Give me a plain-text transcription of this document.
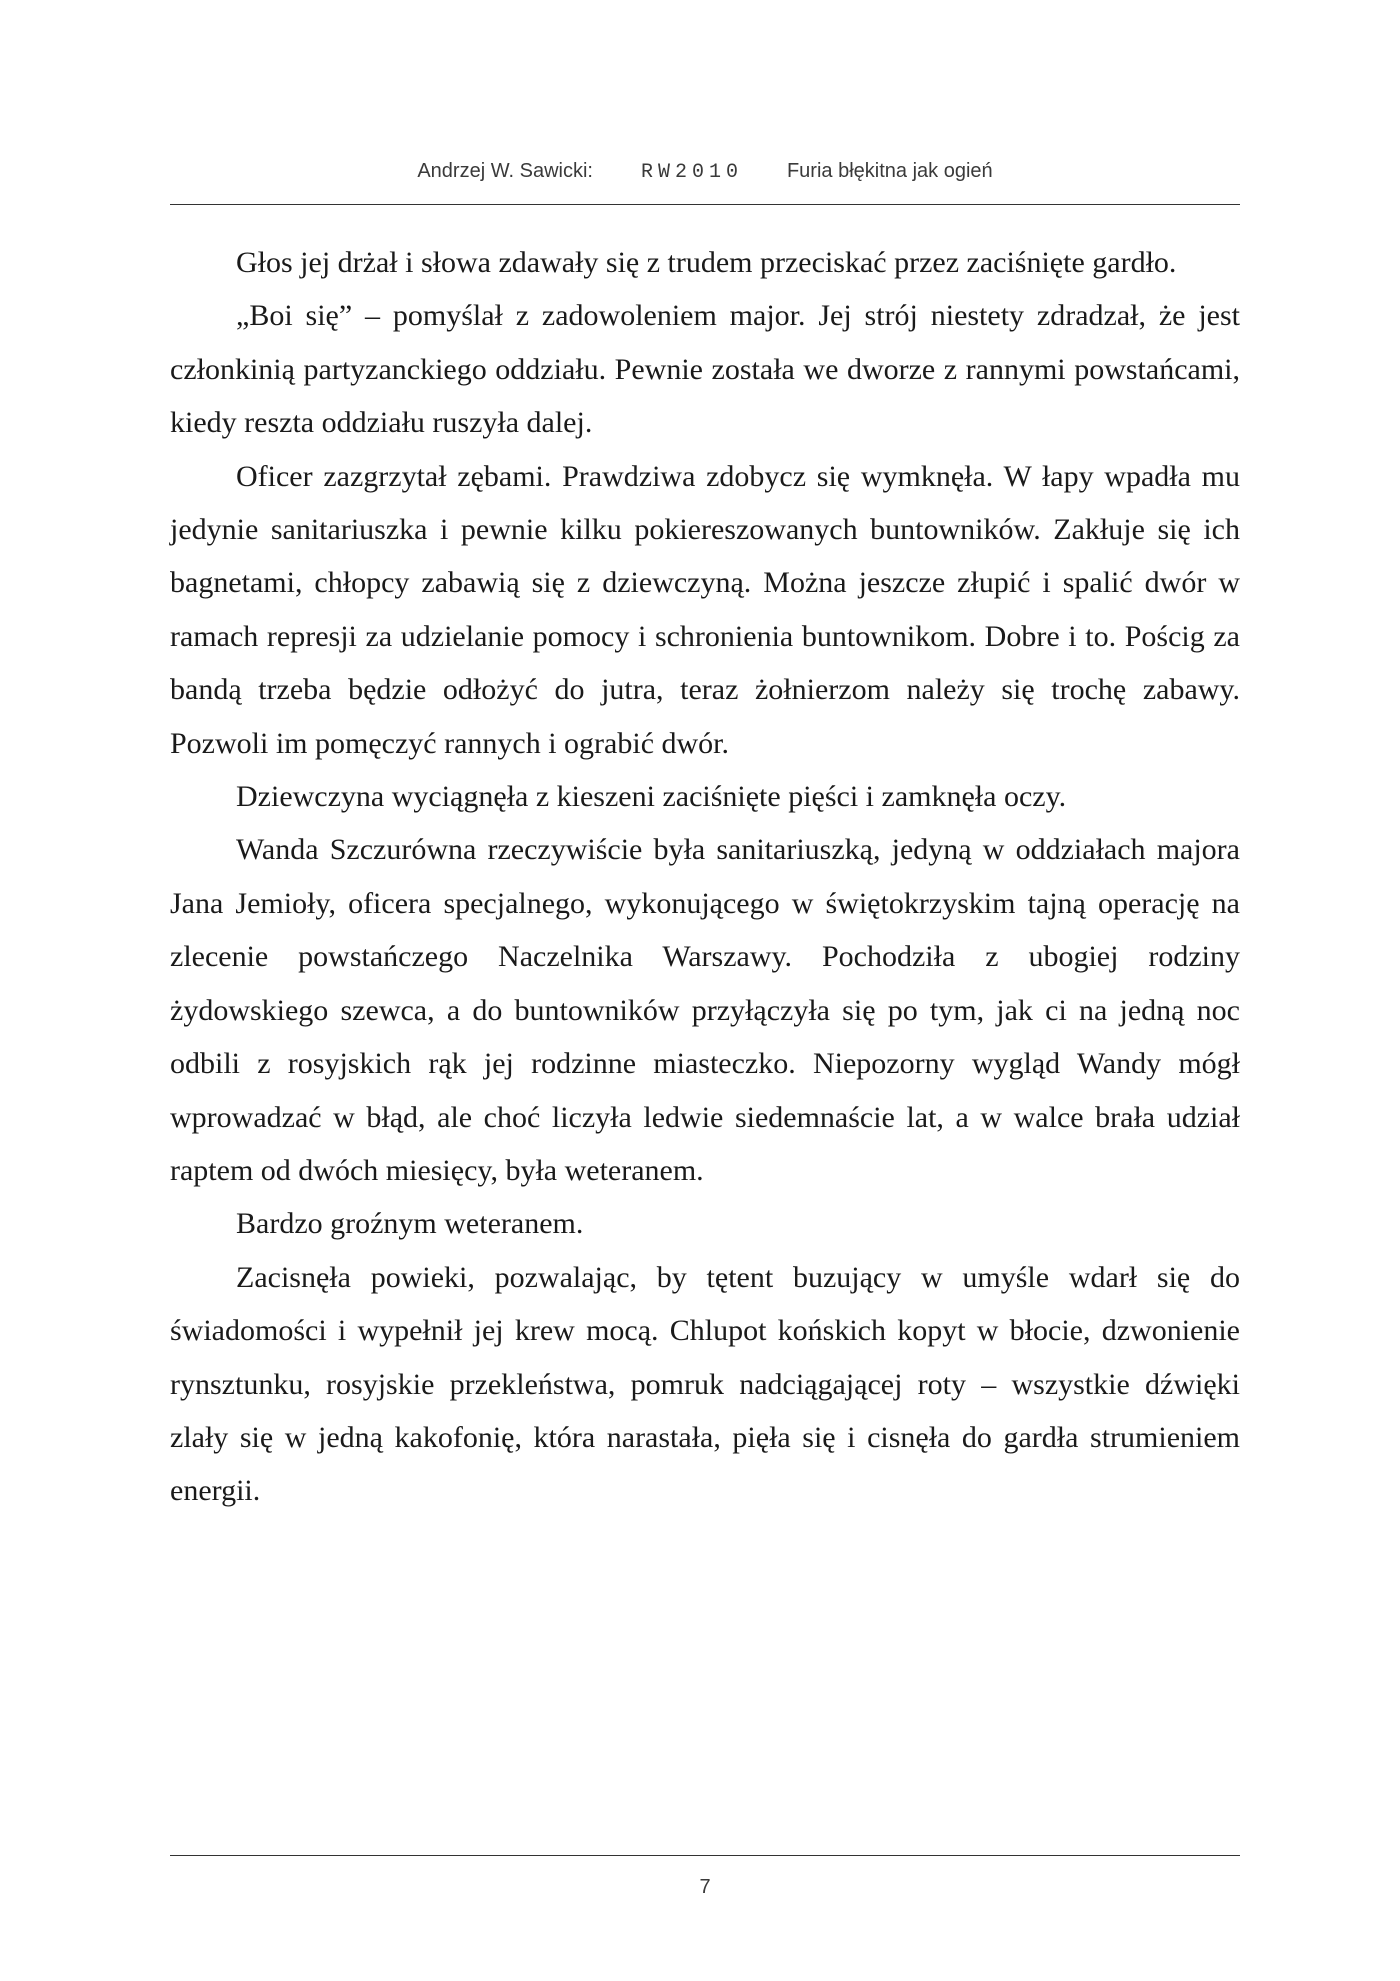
Andrzej W. Sawicki: RW2010 Furia błękitna jak ogień

Głos jej drżał i słowa zdawały się z trudem przeciskać przez zaciśnięte gardło.

„Boi się” – pomyślał z zadowoleniem major. Jej strój niestety zdradzał, że jest członkinią partyzanckiego oddziału. Pewnie została we dworze z rannymi powstańcami, kiedy reszta oddziału ruszyła dalej.

Oficer zazgrzytał zębami. Prawdziwa zdobycz się wymknęła. W łapy wpadła mu jedynie sanitariuszka i pewnie kilku pokiereszowanych buntowników. Zakłuje się ich bagnetami, chłopcy zabawią się z dziewczyną. Można jeszcze złupić i spalić dwór w ramach represji za udzielanie pomocy i schronienia buntownikom. Dobre i to. Pościg za bandą trzeba będzie odłożyć do jutra, teraz żołnierzom należy się trochę zabawy. Pozwoli im pomęczyć rannych i ograbić dwór.

Dziewczyna wyciągnęła z kieszeni zaciśnięte pięści i zamknęła oczy.

Wanda Szczurówna rzeczywiście była sanitariuszką, jedyną w oddziałach majora Jana Jemioły, oficera specjalnego, wykonującego w świętokrzyskim tajną operację na zlecenie powstańczego Naczelnika Warszawy. Pochodziła z ubogiej rodziny żydowskiego szewca, a do buntowników przyłączyła się po tym, jak ci na jedną noc odbili z rosyjskich rąk jej rodzinne miasteczko. Niepozorny wygląd Wandy mógł wprowadzać w błąd, ale choć liczyła ledwie siedemnaście lat, a w walce brała udział raptem od dwóch miesięcy, była weteranem.

Bardzo groźnym weteranem.

Zacisnęła powieki, pozwalając, by tętent buzujący w umyśle wdarł się do świadomości i wypełnił jej krew mocą. Chlupot końskich kopyt w błocie, dzwonienie rynsztunku, rosyjskie przekleństwa, pomruk nadciągającej roty – wszystkie dźwięki zlały się w jedną kakofonię, która narastała, pięła się i cisnęła do gardła strumieniem energii.

7
